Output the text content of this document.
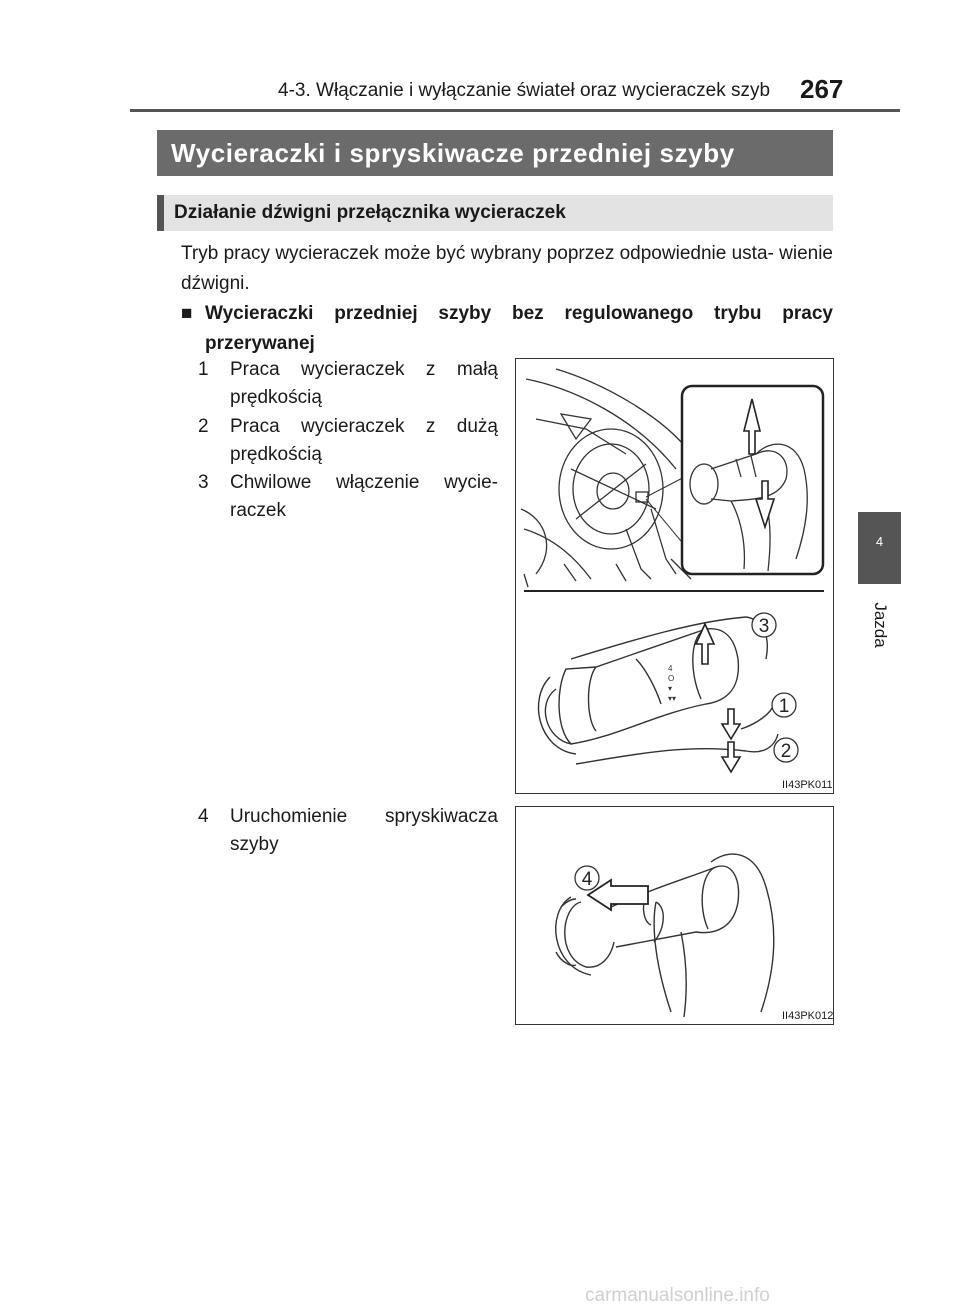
4-3. Włączanie i wyłączanie świateł oraz wycieraczek szyb 267
Wycieraczki i spryskiwacze przedniej szyby
Działanie dźwigni przełącznika wycieraczek
Tryb pracy wycieraczek może być wybrany poprzez odpowiednie usta- wienie dźwigni.
■ Wycieraczki przedniej szyby bez regulowanego trybu pracy przerywanej
1 Praca wycieraczek z małą prędkością
2 Praca wycieraczek z dużą prędkością
3 Chwilowe włączenie wycie- raczek
4 Uruchomienie spryskiwacza szyby
4
O
▾
▾▾
3
1
2
II43PK011
4
II43PK012
4
Jazda
carmanualsonline.info
